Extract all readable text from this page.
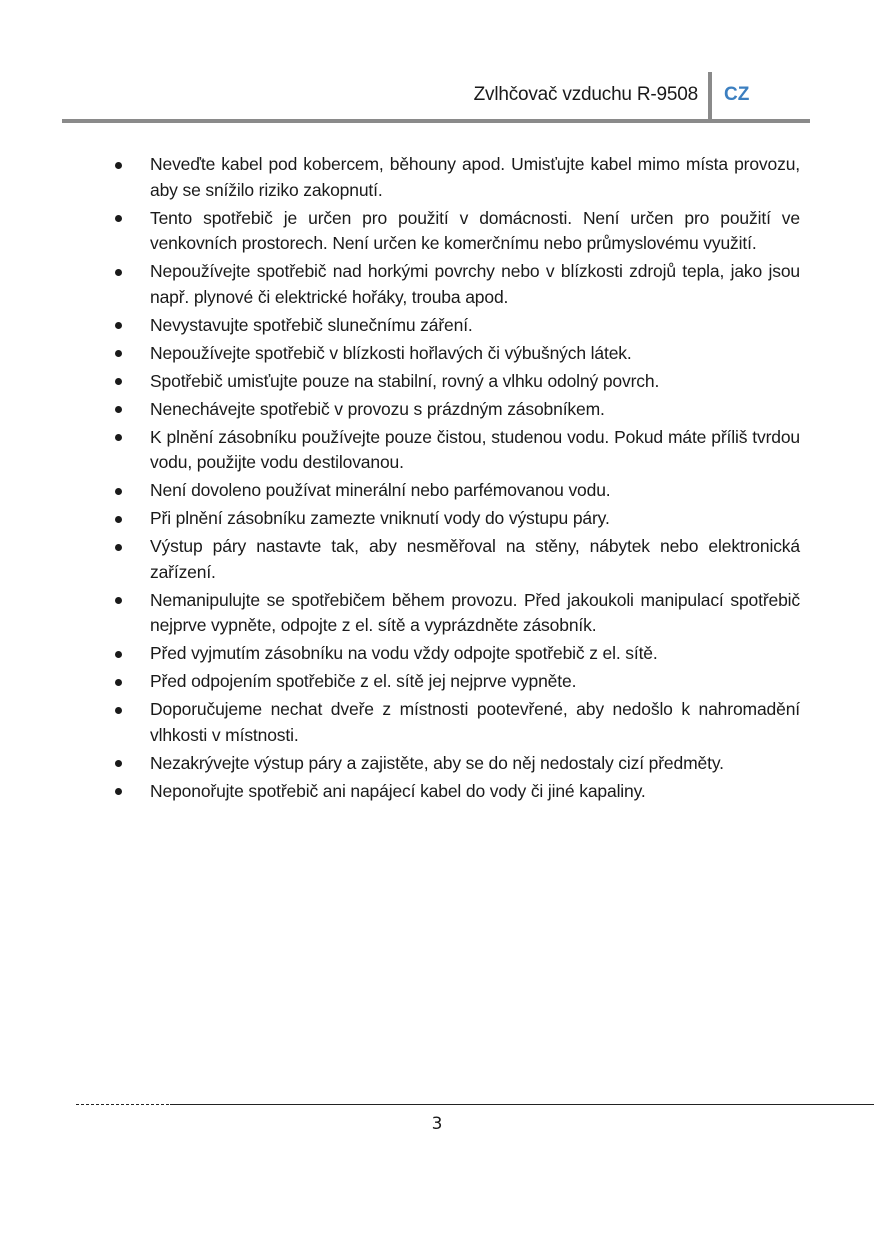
Zvlhčovač vzduchu R-9508 CZ
Neveďte kabel pod kobercem, běhouny apod. Umisťujte kabel mimo místa provozu, aby se snížilo riziko zakopnutí.
Tento spotřebič je určen pro použití v domácnosti. Není určen pro použití ve venkovních prostorech. Není určen ke komerčnímu nebo průmyslovému využití.
Nepoužívejte spotřebič nad horkými povrchy nebo v blízkosti zdrojů tepla, jako jsou např. plynové či elektrické hořáky, trouba apod.
Nevystavujte spotřebič slunečnímu záření.
Nepoužívejte spotřebič v blízkosti hořlavých či výbušných látek.
Spotřebič umisťujte pouze na stabilní, rovný a vlhku odolný povrch.
Nenechávejte spotřebič v provozu s prázdným zásobníkem.
K plnění zásobníku používejte pouze čistou, studenou vodu. Pokud máte příliš tvrdou vodu, použijte vodu destilovanou.
Není dovoleno používat minerální nebo parfémovanou vodu.
Při plnění zásobníku zamezte vniknutí vody do výstupu páry.
Výstup páry nastavte tak, aby nesměřoval na stěny, nábytek nebo elektronická zařízení.
Nemanipulujte se spotřebičem během provozu. Před jakoukoli manipulací spotřebič nejprve vypněte, odpojte z el. sítě a vyprázdněte zásobník.
Před vyjmutím zásobníku na vodu vždy odpojte spotřebič z el. sítě.
Před odpojením spotřebiče z el. sítě jej nejprve vypněte.
Doporučujeme nechat dveře z místnosti pootevřené, aby nedošlo k nahromadění vlhkosti v místnosti.
Nezakrývejte výstup páry a zajistěte, aby se do něj nedostaly cizí předměty.
Neponořujte spotřebič ani napájecí kabel do vody či jiné kapaliny.
3
